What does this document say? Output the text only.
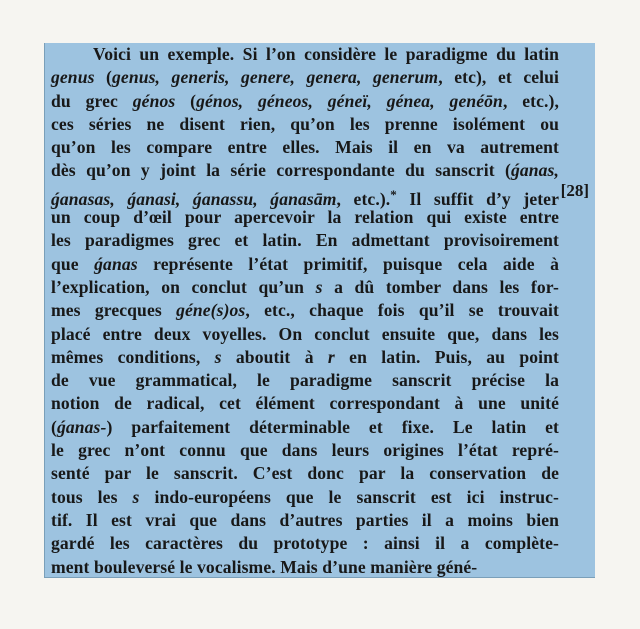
Voici un exemple. Si l’on considère le paradigme du latin
genus (genus, generis, genere, genera, generum, etc), et celui
du grec génos (génos, géneos, géneï, génea, genéōn, etc.),
ces séries ne disent rien, qu’on les prenne isolément ou
qu’on les compare entre elles. Mais il en va autrement
dès qu’on y joint la série correspondante du sanscrit (ǵanas,
ǵanasas, ǵanasi, ǵanassu, ǵanasām, etc.).* Il suffit d’y jeter
un coup d’œil pour apercevoir la relation qui existe entre
les paradigmes grec et latin. En admettant provisoirement
que ǵanas représente l’état primitif, puisque cela aide à
l’explication, on conclut qu’un s a dû tomber dans les for-
mes grecques géne(s)os, etc., chaque fois qu’il se trouvait
placé entre deux voyelles. On conclut ensuite que, dans les
mêmes conditions, s aboutit à r en latin. Puis, au point
de vue grammatical, le paradigme sanscrit précise la
notion de radical, cet élément correspondant à une unité
(ǵanas-) parfaitement déterminable et fixe. Le latin et
le grec n’ont connu que dans leurs origines l’état repré-
senté par le sanscrit. C’est donc par la conservation de
tous les s indo-européens que le sanscrit est ici instruc-
tif. Il est vrai que dans d’autres parties il a moins bien
gardé les caractères du prototype : ainsi il a complète-
ment bouleversé le vocalisme. Mais d’une manière géné-
[28]
